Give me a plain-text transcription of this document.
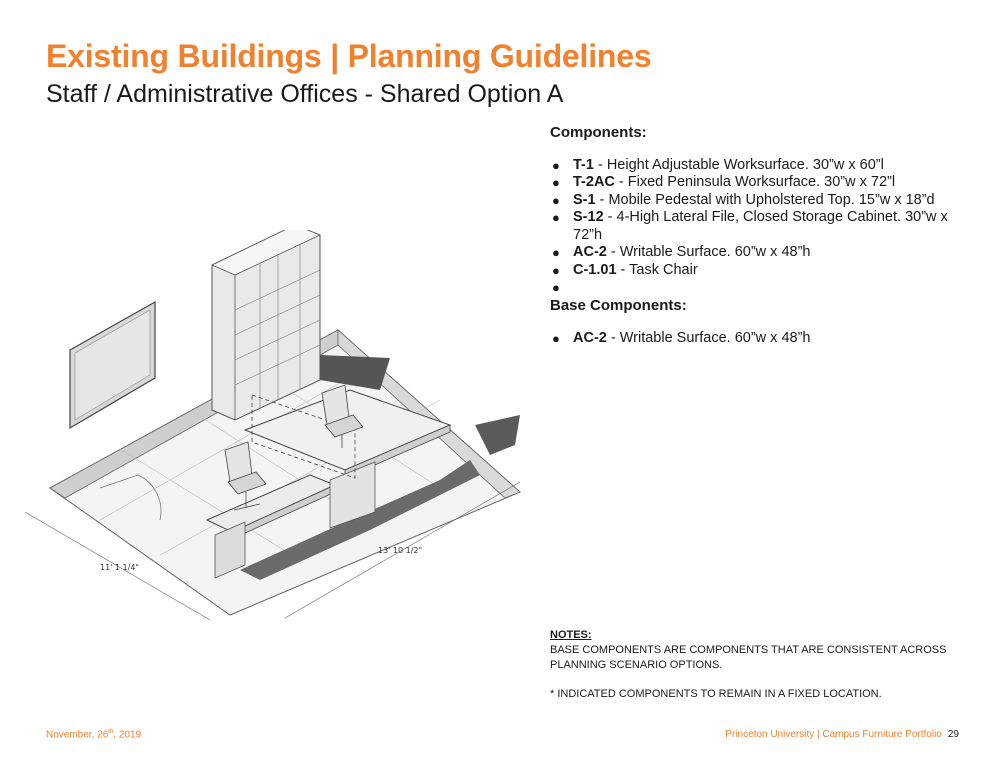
Existing Buildings | Planning Guidelines
Staff / Administrative Offices - Shared Option A
11' 1 1/4"
13' 10 1/2"

Components:

● T-1 - Height Adjustable Worksurface. 30”w x 60”l
● T-2AC - Fixed Peninsula Worksurface. 30”w x 72”l
● S-1 - Mobile Pedestal with Upholstered Top. 15”w x 18”d
● S-12 - 4-High Lateral File, Closed Storage Cabinet. 30”w x 72”h
● AC-2 - Writable Surface. 60”w x 48”h
● C-1.01 - Task Chair
●

Base Components:

● AC-2 - Writable Surface. 60”w x 48”h

NOTES:

BASE COMPONENTS ARE COMPONENTS THAT ARE CONSISTENT ACROSS PLANNING SCENARIO OPTIONS.

* INDICATED COMPONENTS TO REMAIN IN A FIXED LOCATION.

November, 26th, 2019	Princeton University | Campus Furniture Portfolio 29
